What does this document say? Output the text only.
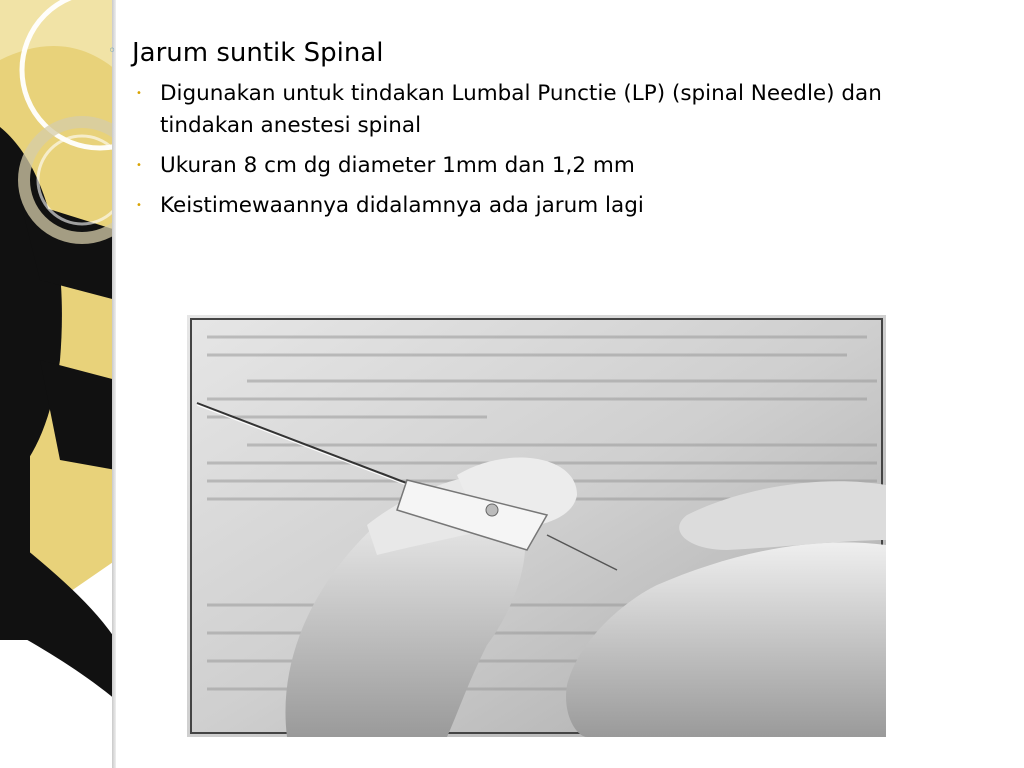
◦ Jarum suntik Spinal
• Digunakan untuk tindakan Lumbal Punctie (LP) (spinal Needle) dan tindakan anestesi spinal
• Ukuran 8 cm dg diameter 1mm dan 1,2 mm
• Keistimewaannya didalamnya ada jarum lagi
